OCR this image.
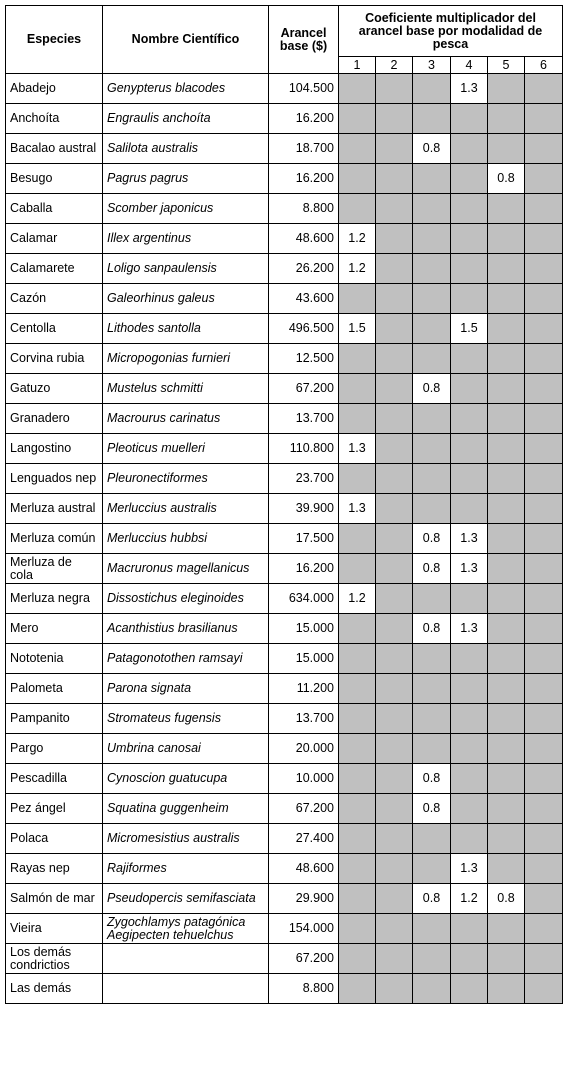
Especies	Nombre Científico	Arancel base ($)	Coeficiente multiplicador del arancel base por modalidad de pesca					
			1	2	3	4	5	6
Abadejo	Genypterus blacodes	104.500				1.3		
Anchoíta	Engraulis anchoíta	16.200						
Bacalao austral	Salilota australis	18.700			0.8			
Besugo	Pagrus pagrus	16.200					0.8	
Caballa	Scomber japonicus	8.800						
Calamar	Illex argentinus	48.600	1.2					
Calamarete	Loligo sanpaulensis	26.200	1.2					
Cazón	Galeorhinus galeus	43.600						
Centolla	Lithodes santolla	496.500	1.5			1.5		
Corvina rubia	Micropogonias furnieri	12.500						
Gatuzo	Mustelus schmitti	67.200			0.8			
Granadero	Macrourus carinatus	13.700						
Langostino	Pleoticus muelleri	110.800	1.3					
Lenguados nep	Pleuronectiformes	23.700						
Merluza austral	Merluccius australis	39.900	1.3					
Merluza común	Merluccius hubbsi	17.500			0.8	1.3		
Merluza de cola	Macruronus magellanicus	16.200			0.8	1.3		
Merluza negra	Dissostichus eleginoides	634.000	1.2					
Mero	Acanthistius brasilianus	15.000			0.8	1.3		
Nototenia	Patagonotothen ramsayi	15.000						
Palometa	Parona signata	11.200						
Pampanito	Stromateus fugensis	13.700						
Pargo	Umbrina canosai	20.000						
Pescadilla	Cynoscion guatucupa	10.000			0.8			
Pez ángel	Squatina guggenheim	67.200			0.8			
Polaca	Micromesistius australis	27.400						
Rayas nep	Rajiformes	48.600				1.3		
Salmón de mar	Pseudopercis semifasciata	29.900			0.8	1.2	0.8	
Vieira	Zygochlamys patagónica Aegipecten tehuelchus	154.000						
Los demás condrictios		67.200						
Las demás		8.800						
